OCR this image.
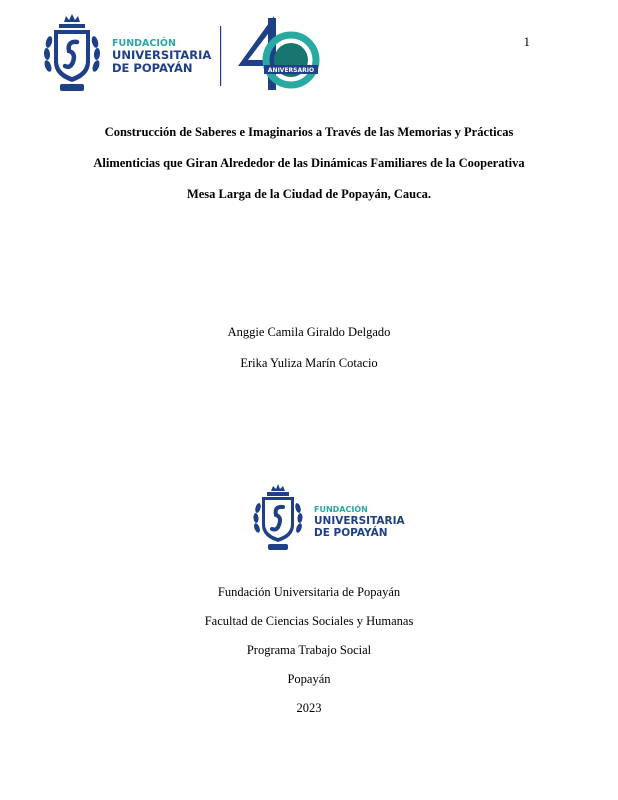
1
FUNDACIÓN
UNIVERSITARIA
DE POPAYÁN	ANIVERSARIO
Construcción de Saberes e Imaginarios a Través de las Memorias y Prácticas
Alimenticias que Giran Alrededor de las Dinámicas Familiares de la Cooperativa
Mesa Larga de la Ciudad de Popayán, Cauca.
Anggie Camila Giraldo Delgado
Erika Yuliza Marín Cotacio
FUNDACIÓN
UNIVERSITARIA
DE POPAYÁN
Fundación Universitaria de Popayán
Facultad de Ciencias Sociales y Humanas
Programa Trabajo Social
Popayán
2023
